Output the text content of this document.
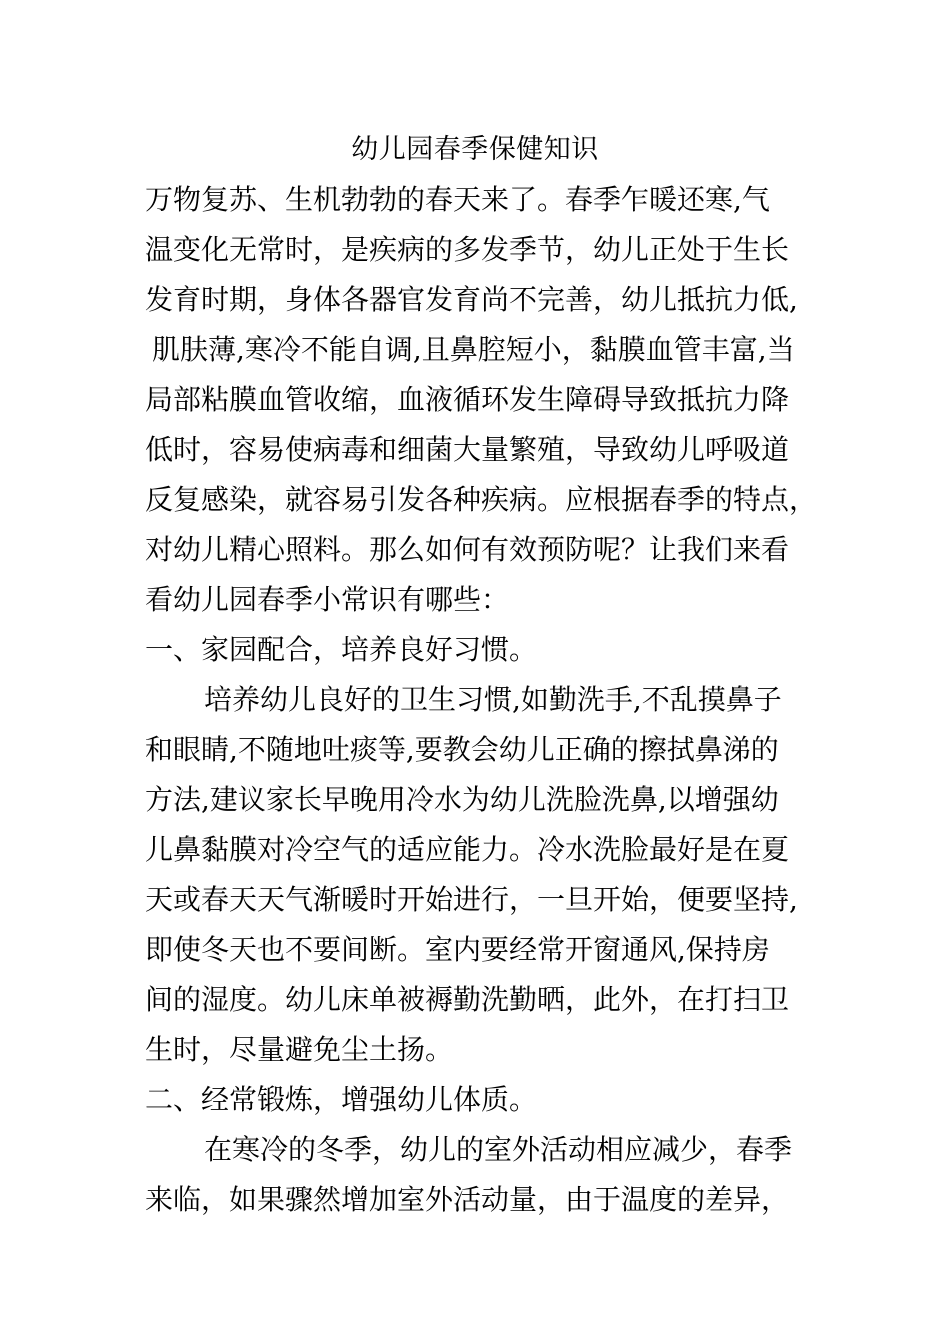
幼儿园春季保健知识
万物复苏、生机勃勃的春天来了。春季乍暖还寒,气
温变化无常时，是疾病的多发季节，幼儿正处于生长
发育时期，身体各器官发育尚不完善，幼儿抵抗力低,
肌肤薄,寒冷不能自调,且鼻腔短小，黏膜血管丰富,当
局部粘膜血管收缩，血液循环发生障碍导致抵抗力降
低时，容易使病毒和细菌大量繁殖，导致幼儿呼吸道
反复感染，就容易引发各种疾病。应根据春季的特点，
对幼儿精心照料。那么如何有效预防呢？让我们来看
看幼儿园春季小常识有哪些：
一、家园配合，培养良好习惯。
培养幼儿良好的卫生习惯,如勤洗手,不乱摸鼻子
和眼睛,不随地吐痰等,要教会幼儿正确的擦拭鼻涕的
方法,建议家长早晚用冷水为幼儿洗脸洗鼻,以增强幼
儿鼻黏膜对冷空气的适应能力。冷水洗脸最好是在夏
天或春天天气渐暖时开始进行，一旦开始，便要坚持,
即使冬天也不要间断。室内要经常开窗通风,保持房
间的湿度。幼儿床单被褥勤洗勤晒，此外，在打扫卫
生时，尽量避免尘土扬。
二、经常锻炼，增强幼儿体质。
在寒冷的冬季，幼儿的室外活动相应减少，春季
来临，如果骤然增加室外活动量，由于温度的差异，
